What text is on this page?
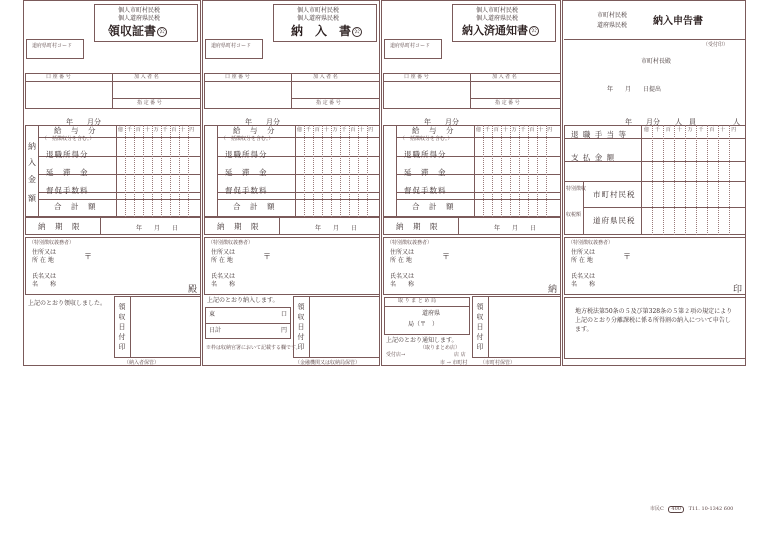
個人市町村民税
個人道府県民税
領収証書 公
道府県町村コード
口 座 番 号	加 入 者 名
指 定 番 号
年　　月分
億千百十万千百十円
給　与　分
（一括徴収分を含む。）
退職所得分
延　滞　金
督促手数料
合　計　額
納
入
金
額
納　期　限	年　　月　　日
（特別徴収義務者）
住所又は
所 在 地	〒
氏名又は
名　　称
殿
上記のとおり領収しました。 領収日付印
（納入者保管）
個人市町村民税
個人道府県民税
納　入　書 公
道府県町村コード
口 座 番 号	加 入 者 名
指 定 番 号
年　　月分
億千百十万千百十円
給　与　分
（一括徴収分を含む。）
退職所得分
延　滞　金
督促手数料
合　計　額
納　期　限	年　　月　　日
（特別徴収義務者）
住所又は
所 在 地	〒
氏名又は
名　　称
上記のとおり納入します。
東	口
日計	円
※枠は収納官署において記載する欄です。
領収日付印
（金融機関又は収納局保管）
個人市町村民税
個人道府県民税
納入済通知書 公
道府県町村コード
口 座 番 号	加 入 者 名
指 定 番 号
年　　月分
億千百十万千百十円
給　与　分
（一括徴収分を含む。）
退職所得分
延　滞　金
督促手数料
合　計　額
納　期　限	年　　月　　日
（特別徴収義務者）
住所又は
所 在 地	〒
氏名又は
名　　称
納
取 り ま と め 局
道府県
局（〒　）
上記のとおり通知します。
（取りまとめ店）
受付店→	店 店
市 → 市町村
領収日付印
（市町村保管）
市町村民税
道府県民税	納入申告書
（受付印）
市町村長殿
年　　月　　日提出
年　　月分 人　員	人
億千百十万千百十円
退 職 手 当 等
支 払 金 額
特別徴収
収税額
市町村民税
道府県民税
（特別徴収義務者）
住所又は
所 在 地	〒
氏名又は
名　　称
印
地方税法第50条の５及び第328条の５第２項の規定により上記のとおり分離課税に係る所得割の納入について申告します。
市民C 400 T11. 10-1342 600
